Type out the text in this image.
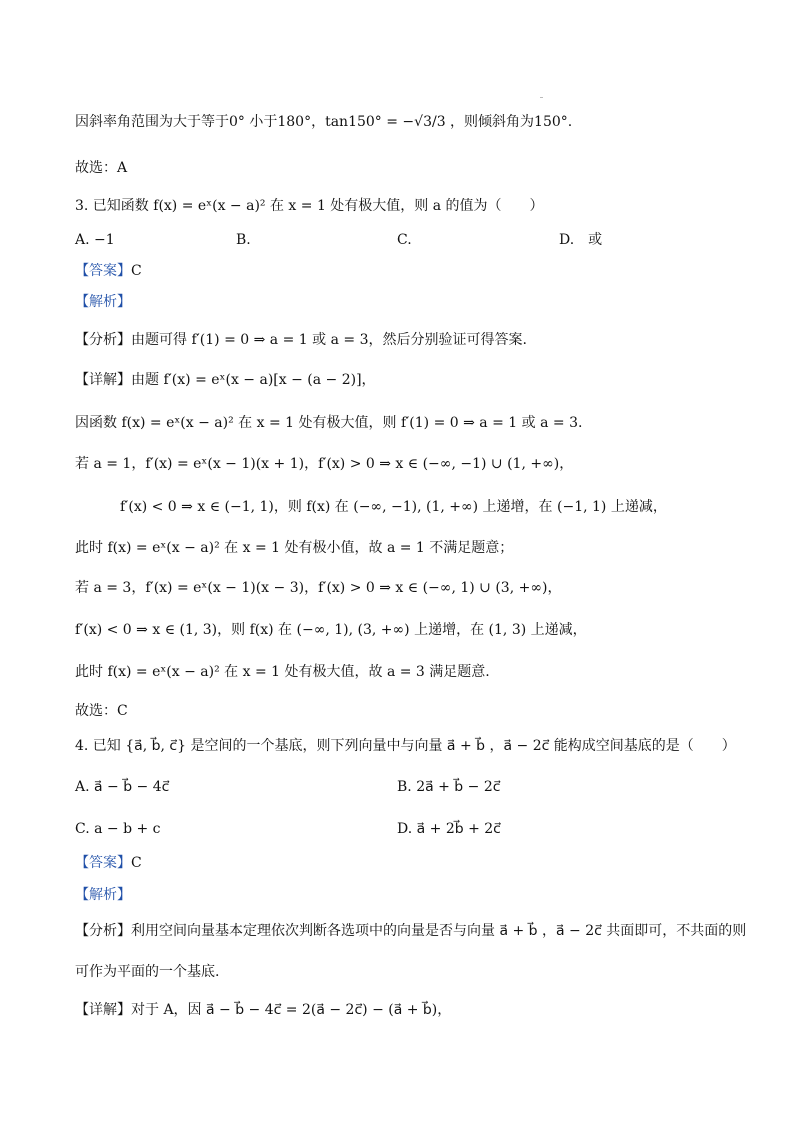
因斜率角范围为大于等于0° 小于180°，tan150° = −√3/3 ，则倾斜角为150°.
故选：A
3. 已知函数 f(x) = eˣ(x − a)² 在 x = 1 处有极大值，则 a 的值为（　　）
A. −1	B.	C.	D.　或
【答案】C
【解析】
【分析】由题可得 f′(1) = 0 ⇒ a = 1 或 a = 3，然后分别验证可得答案.
【详解】由题 f′(x) = eˣ(x − a)[x − (a − 2)]，
因函数 f(x) = eˣ(x − a)² 在 x = 1 处有极大值，则 f′(1) = 0 ⇒ a = 1 或 a = 3.
若 a = 1，f′(x) = eˣ(x − 1)(x + 1)，f′(x) > 0 ⇒ x ∈ (−∞, −1) ∪ (1, +∞)，
f′(x) < 0 ⇒ x ∈ (−1, 1)，则 f(x) 在 (−∞, −1), (1, +∞) 上递增，在 (−1, 1) 上递减，
此时 f(x) = eˣ(x − a)² 在 x = 1 处有极小值，故 a = 1 不满足题意；
若 a = 3，f′(x) = eˣ(x − 1)(x − 3)，f′(x) > 0 ⇒ x ∈ (−∞, 1) ∪ (3, +∞)，
f′(x) < 0 ⇒ x ∈ (1, 3)，则 f(x) 在 (−∞, 1), (3, +∞) 上递增，在 (1, 3) 上递减，
此时 f(x) = eˣ(x − a)² 在 x = 1 处有极大值，故 a = 3 满足题意.
故选：C
4. 已知 {a⃗, b⃗, c⃗} 是空间的一个基底，则下列向量中与向量 a⃗ + b⃗ ，a⃗ − 2c⃗ 能构成空间基底的是（　　）
A. a⃗ − b⃗ − 4c⃗	B. 2a⃗ + b⃗ − 2c⃗
C. a − b + c	D. a⃗ + 2b⃗ + 2c⃗
【答案】C
【解析】
【分析】利用空间向量基本定理依次判断各选项中的向量是否与向量 a⃗ + b⃗ ，a⃗ − 2c⃗ 共面即可，不共面的则
可作为平面的一个基底.
【详解】对于 A，因 a⃗ − b⃗ − 4c⃗ = 2(a⃗ − 2c⃗) − (a⃗ + b⃗)，
